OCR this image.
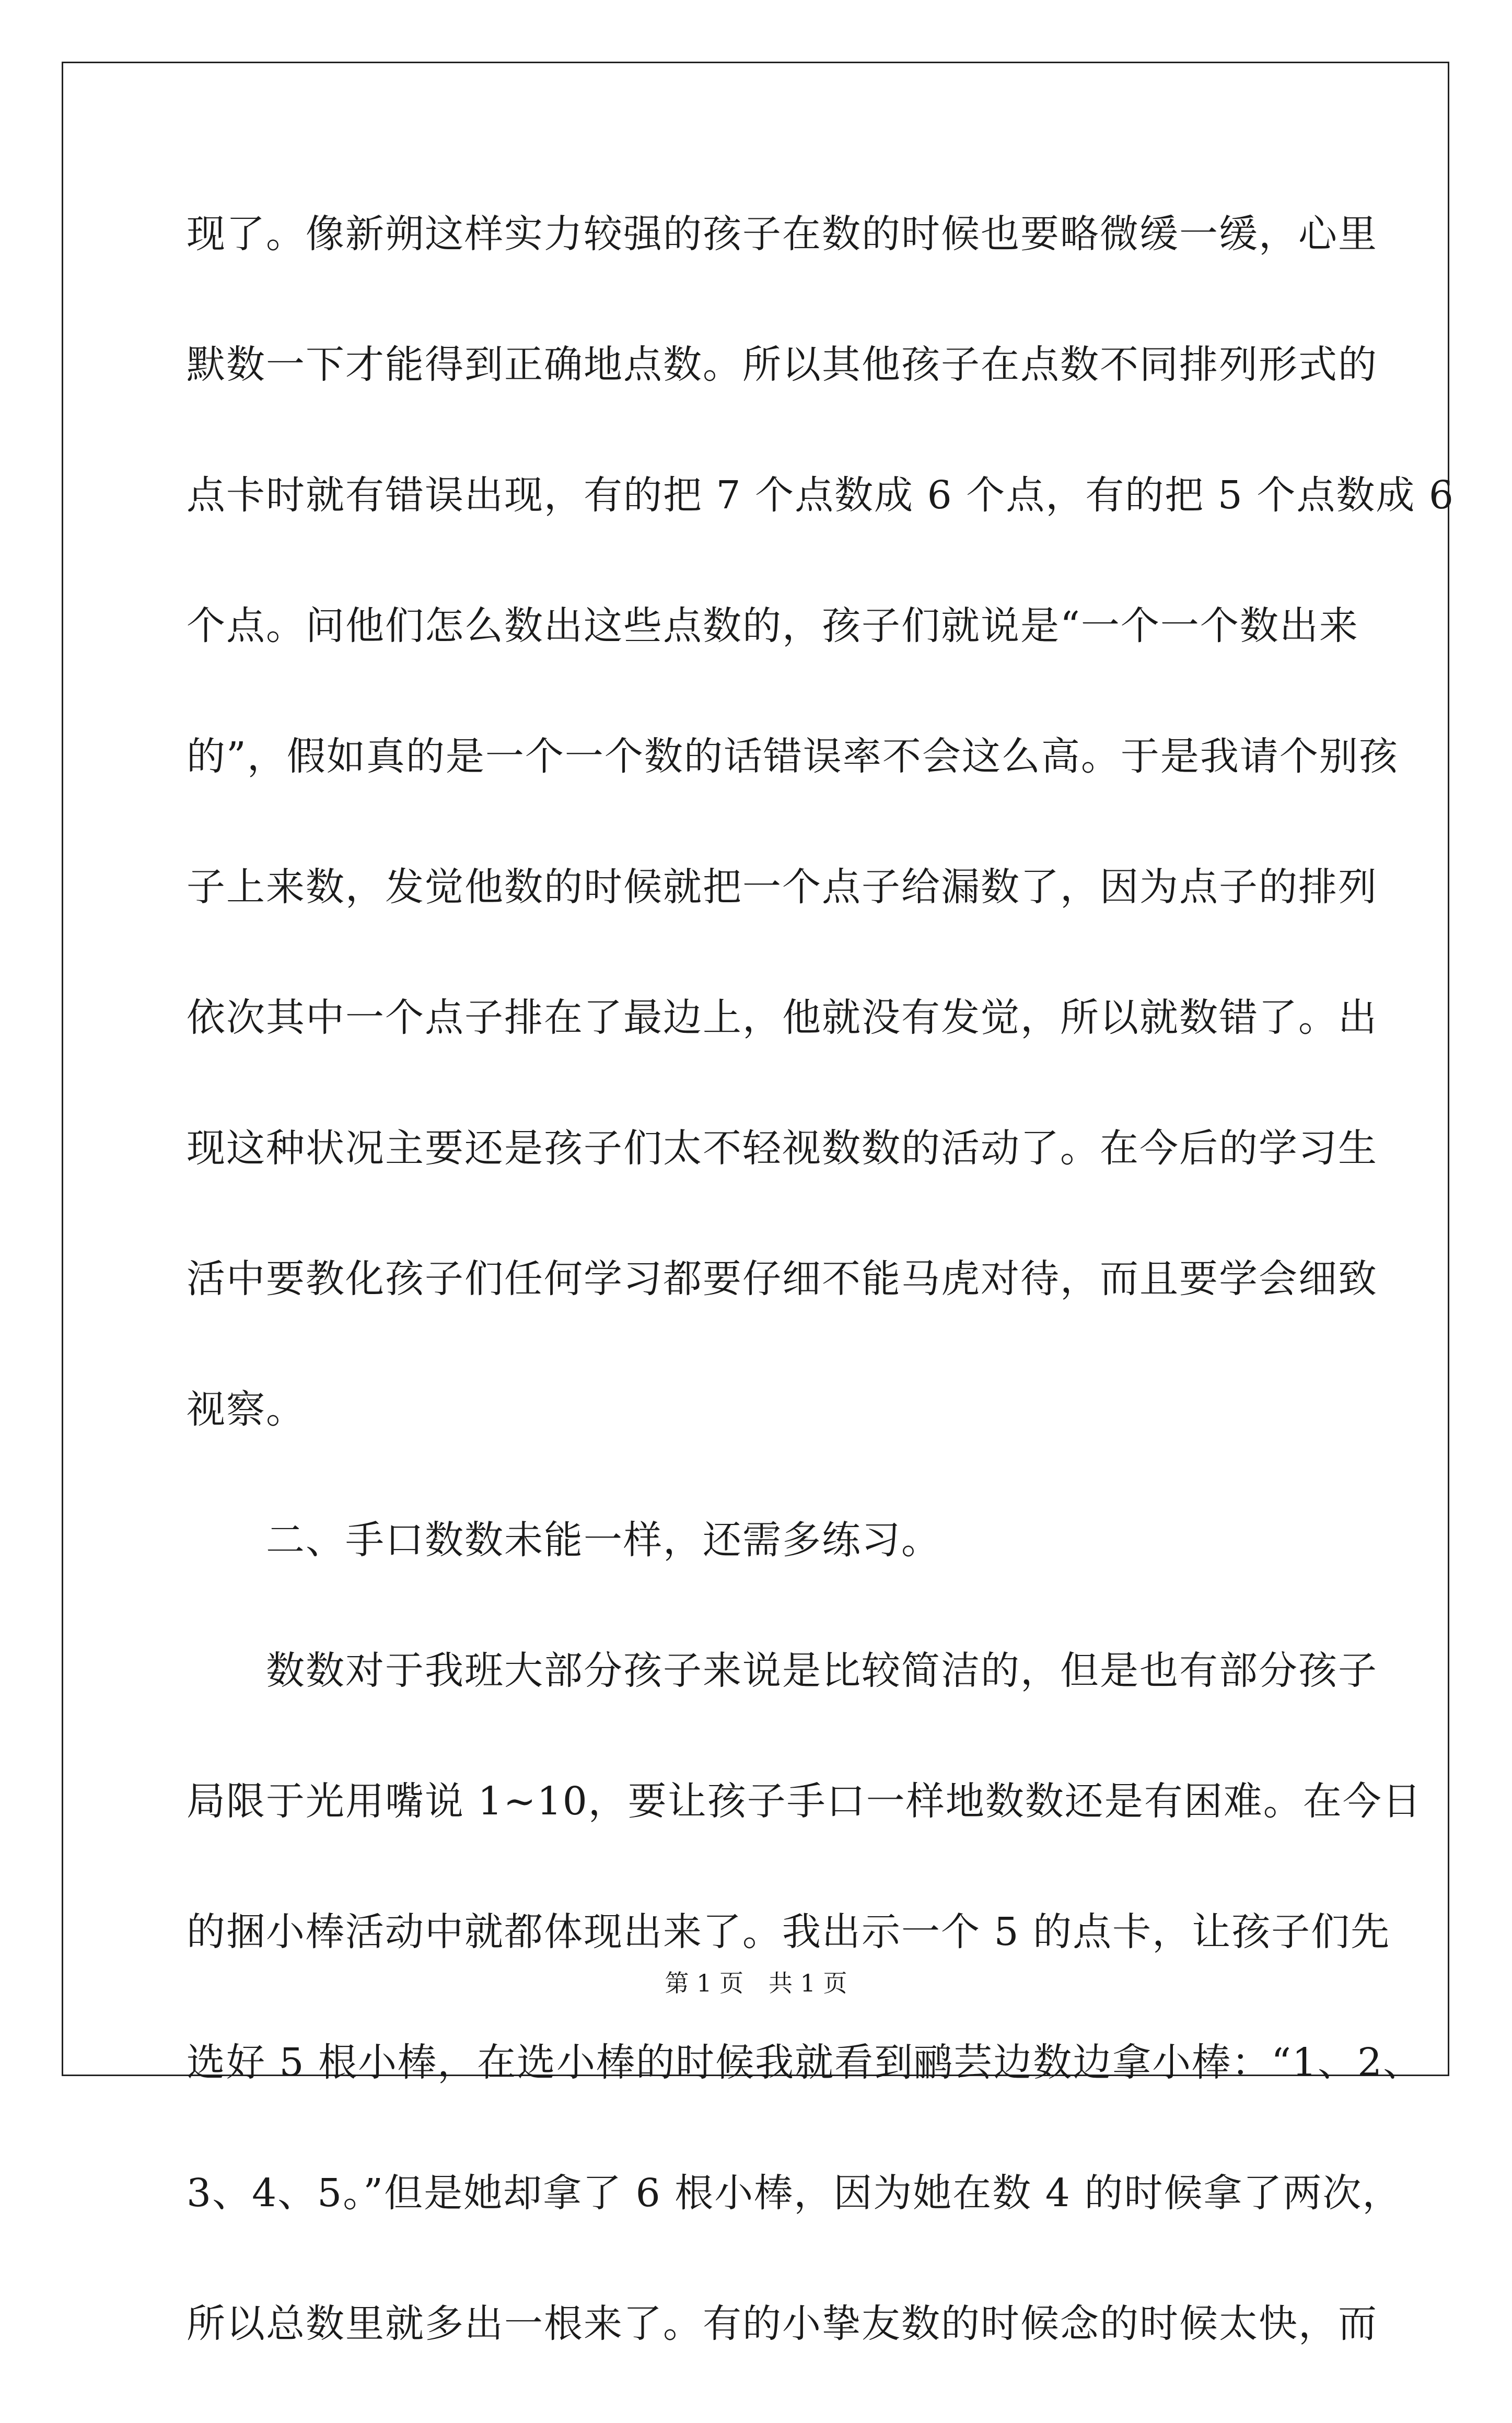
现了。像新朔这样实力较强的孩子在数的时候也要略微缓一缓，心里
默数一下才能得到正确地点数。所以其他孩子在点数不同排列形式的
点卡时就有错误出现，有的把 7 个点数成 6 个点，有的把 5 个点数成 6
个点。问他们怎么数出这些点数的，孩子们就说是“一个一个数出来
的”，假如真的是一个一个数的话错误率不会这么高。于是我请个别孩
子上来数，发觉他数的时候就把一个点子给漏数了，因为点子的排列
依次其中一个点子排在了最边上，他就没有发觉，所以就数错了。出
现这种状况主要还是孩子们太不轻视数数的活动了。在今后的学习生
活中要教化孩子们任何学习都要仔细不能马虎对待，而且要学会细致
视察。
　　二、手口数数未能一样，还需多练习。
　　数数对于我班大部分孩子来说是比较简洁的，但是也有部分孩子
局限于光用嘴说 1~10，要让孩子手口一样地数数还是有困难。在今日
的捆小棒活动中就都体现出来了。我出示一个 5 的点卡，让孩子们先
选好 5 根小棒，在选小棒的时候我就看到鹂芸边数边拿小棒：“1、2、
3、4、5。”但是她却拿了 6 根小棒，因为她在数 4 的时候拿了两次，
所以总数里就多出一根来了。有的小挚友数的时候念的时候太快，而
第 1 页 共 1 页
